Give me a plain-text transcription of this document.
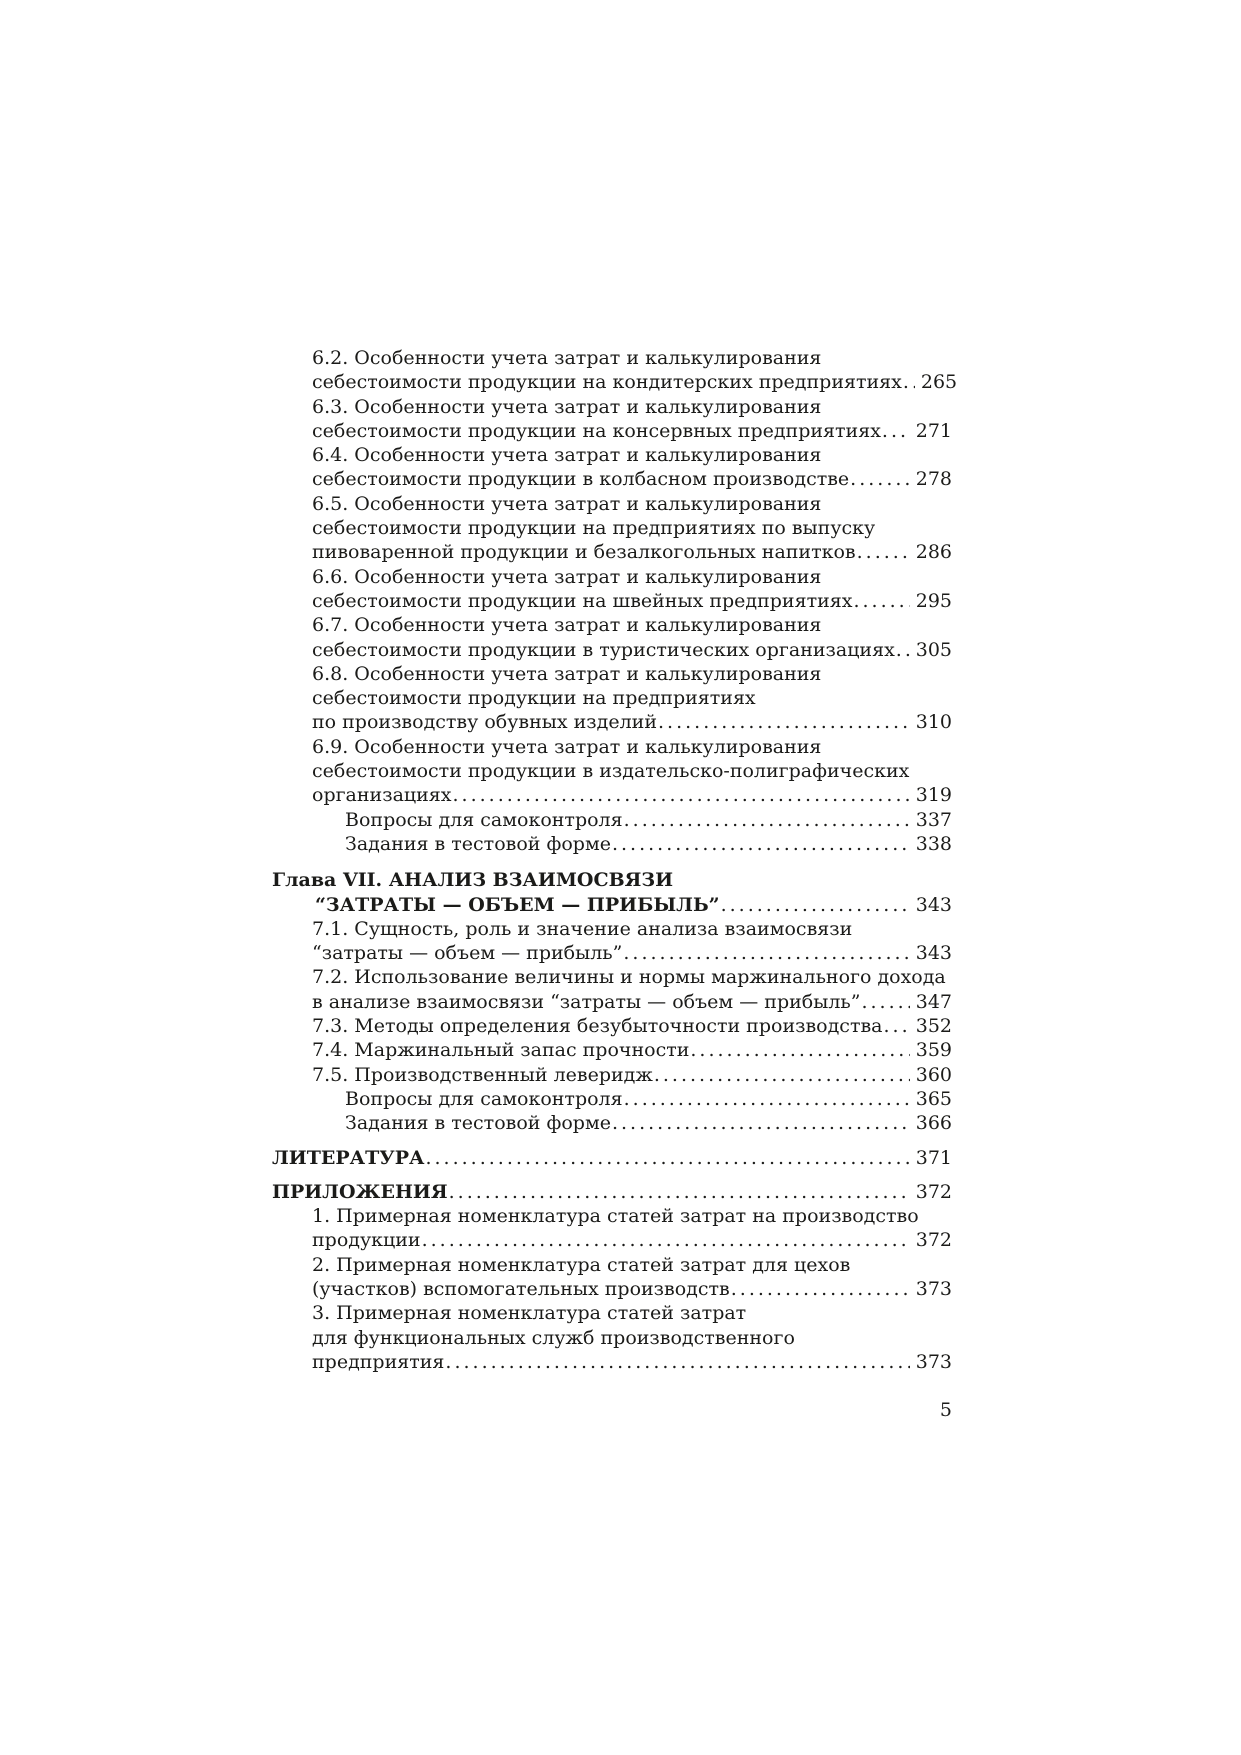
6.2. Особенности учета затрат и калькулирования
себестоимости продукции на кондитерских предприятиях ..... 265
6.3. Особенности учета затрат и калькулирования
себестоимости продукции на консервных предприятиях ..... 271
6.4. Особенности учета затрат и калькулирования
себестоимости продукции в колбасном производстве .....	278
6.5. Особенности учета затрат и калькулирования
себестоимости продукции на предприятиях по выпуску
пивоваренной продукции и безалкогольных напитков .....	286
6.6. Особенности учета затрат и калькулирования
себестоимости продукции на швейных предприятиях .....	295
6.7. Особенности учета затрат и калькулирования
себестоимости продукции в туристических организациях ..... 305
6.8. Особенности учета затрат и калькулирования
себестоимости продукции на предприятиях
по производству обувных изделий .....	310
6.9. Особенности учета затрат и калькулирования
себестоимости продукции в издательско-полиграфических
организациях .....	319
Вопросы для самоконтроля .....	337
Задания в тестовой форме .....	338
Глава VII. АНАЛИЗ ВЗАИМОСВЯЗИ
“ЗАТРАТЫ — ОБЪЕМ — ПРИБЫЛЬ” .....	343
7.1. Сущность, роль и значение анализа взаимосвязи
“затраты — объем — прибыль” .....	343
7.2. Использование величины и нормы маржинального дохода
в анализе взаимосвязи “затраты — объем — прибыль” .....	347
7.3. Методы определения безубыточности производства ..... 352
7.4. Маржинальный запас прочности .....	359
7.5. Производственный леверидж .....	360
Вопросы для самоконтроля .....	365
Задания в тестовой форме .....	366
ЛИТЕРАТУРА .....	371
ПРИЛОЖЕНИЯ .....	372
1. Примерная номенклатура статей затрат на производство
продукции .....	372
2. Примерная номенклатура статей затрат для цехов
(участков) вспомогательных производств .....	373
3. Примерная номенклатура статей затрат
для функциональных служб производственного
предприятия .....	373
5
